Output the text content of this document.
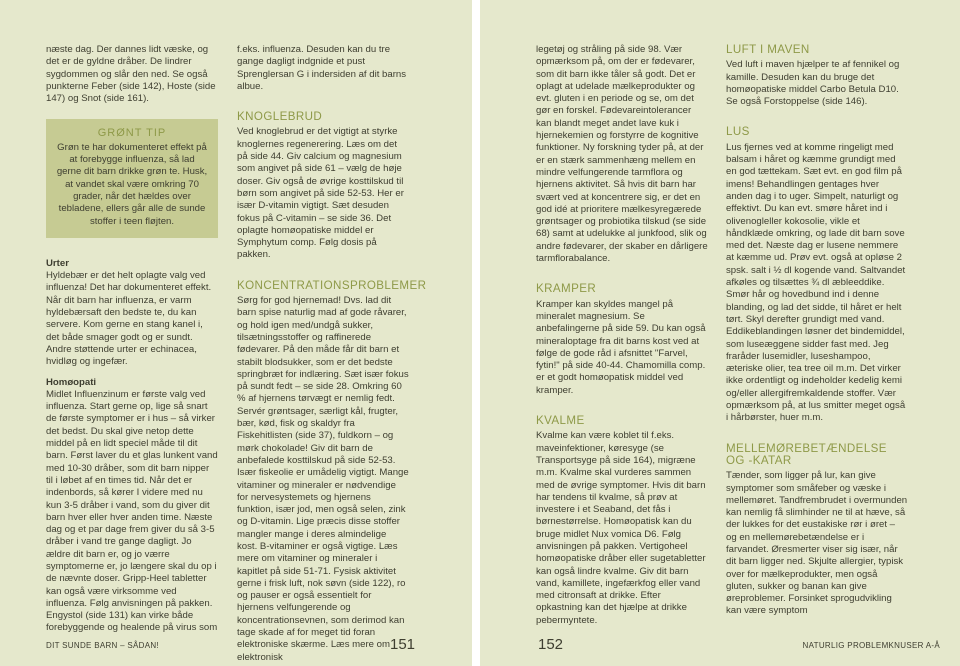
næste dag. Der dannes lidt væske, og det er de gyldne dråber. De lindrer sygdommen og slår den ned. Se også punkterne Feber (side 142), Hoste (side 147) og Snot (side 161).

GRØNT TIP
Grøn te har dokumenteret effekt på at forebygge influenza, så lad gerne dit barn drikke grøn te. Husk, at vandet skal være omkring 70 grader, når det hældes over tebladene, ellers går alle de sunde stoffer i teen fløjten.
Urter

Hyldebær er det helt oplagte valg ved influenza! Det har dokumenteret effekt. Når dit barn har influenza, er varm hyldebærsaft den bedste te, du kan servere. Kom gerne en stang kanel i, det både smager godt og er sundt. Andre støttende urter er echinacea, hvidløg og ingefær.

Homøopati

Midlet Influenzinum er første valg ved influenza. Start gerne op, lige så snart de første symptomer er i hus – så virker det bedst. Du skal give netop dette middel på en lidt speciel måde til dit barn. Først laver du et glas lunkent vand med 10-30 dråber, som dit barn nipper til i løbet af en times tid. Når det er indenbords, så kører I videre med nu kun 3-5 dråber i vand, som du giver dit barn hver eller hver anden time. Næste dag og et par dage frem giver du så 3-5 dråber i vand tre gange dagligt. Jo ældre dit barn er, og jo værre symptomerne er, jo længere skal du op i de nævnte doser. Gripp-Heel tabletter kan også være virksomme ved influenza. Følg anvisningen på pakken. Engystol (side 131) kan virke både forebyggende og healende på virus som

f.eks. influenza. Desuden kan du tre gange dagligt indgnide et pust Sprenglersan G i indersiden af dit barns albue.

KNOGLEBRUD

Ved knoglebrud er det vigtigt at styrke knoglernes regenerering. Læs om det på side 44. Giv calcium og magnesium som angivet på side 61 – vælg de høje doser. Giv også de øvrige kosttilskud til børn som angivet på side 52-53. Her er især D-vitamin vigtigt. Sæt desuden fokus på C-vitamin – se side 36. Det oplagte homøopatiske middel er Symphytum comp. Følg dosis på pakken.

KONCENTRATIONSPROBLEMER

Sørg for god hjernemad! Dvs. lad dit barn spise naturlig mad af gode råvarer, og hold igen med/undgå sukker, tilsætningsstoffer og raffinerede fødevarer. På den måde får dit barn et stabilt blodsukker, som er det bedste springbræt for indlæring. Sæt især fokus på sundt fedt – se side 28. Omkring 60 % af hjernens tørvægt er nemlig fedt. Servér grøntsager, særligt kål, frugter, bær, kød, fisk og skaldyr fra Fiskehitlisten (side 37), fuldkorn – og mørk chokolade! Giv dit barn de anbefalede kosttilskud på side 52-53. Især fiskeolie er umådelig vigtigt. Mange vitaminer og mineraler er nødvendige for nervesystemets og hjernens funktion, især jod, men også selen, zink og D-vitamin. Lige præcis disse stoffer mangler mange i deres almindelige kost. B-vitaminer er også vigtige. Læs mere om vitaminer og mineraler i kapitlet på side 51-71. Fysisk aktivitet gerne i frisk luft, nok søvn (side 122), ro og pauser er også essentielt for hjernens velfungerende og koncentrationsevnen, som derimod kan tage skade af for meget tid foran elektroniske skærme. Læs mere om elektronisk

DIT SUNDE BARN – SÅDAN!	151

legetøj og stråling på side 98. Vær opmærksom på, om der er fødevarer, som dit barn ikke tåler så godt. Det er oplagt at udelade mælkeprodukter og evt. gluten i en periode og se, om det gør en forskel. Fødevareintolerancer kan blandt meget andet lave kuk i hjernekemien og forstyrre de kognitive funktioner. Ny forskning tyder på, at der er en stærk sammenhæng mellem en mindre velfungerende tarmflora og hjernens aktivitet. Så hvis dit barn har svært ved at koncentrere sig, er det en god idé at prioritere mælkesyregærede grøntsager og probiotika tilskud (se side 68) samt at udelukke al junkfood, slik og andre fødevarer, der skaber en dårligere tarmflorabalance.

KRAMPER

Kramper kan skyldes mangel på mineralet magnesium. Se anbefalingerne på side 59. Du kan også mineraloptage fra dit barns kost ved at følge de gode råd i afsnittet "Farvel, fytin!" på side 40-44. Chamomilla comp. er et godt homøopatisk middel ved kramper.

KVALME

Kvalme kan være koblet til f.eks. maveinfektioner, køresyge (se Transportsyge på side 164), migræne m.m. Kvalme skal vurderes sammen med de øvrige symptomer. Hvis dit barn har tendens til kvalme, så prøv at investere i et Seaband, det fås i børnestørrelse. Homøopatisk kan du bruge midlet Nux vomica D6. Følg anvisningen på pakken. Vertigoheel homøopatiske dråber eller sugetabletter kan også lindre kvalme. Giv dit barn vand, kamillete, ingefærkfog eller vand med citronsaft at drikke. Efter opkastning kan det hjælpe at drikke pebermyntete.

LUFT I MAVEN

Ved luft i maven hjælper te af fennikel og kamille. Desuden kan du bruge det homøopatiske middel Carbo Betula D10. Se også Forstoppelse (side 146).

LUS

Lus fjernes ved at komme ringeligt med balsam i håret og kæmme grundigt med en god tættekam. Sæt evt. en god film på imens! Behandlingen gentages hver anden dag i to uger. Simpelt, naturligt og effektivt. Du kan evt. smøre håret ind i olivenogleller kokosolie, vikle et håndklæde omkring, og lade dit barn sove med det. Næste dag er lusene nemmere at kæmme ud. Prøv evt. også at opløse 2 spsk. salt i ½ dl kogende vand. Saltvandet afkøles og tilsættes ¾ dl æbleeddike. Smør hår og hovedbund ind i denne blanding, og lad det sidde, til håret er helt tørt. Skyl derefter grundigt med vand. Eddikeblandingen løsner det bindemiddel, som luseæggene sidder fast med. Jeg fraråder lusemidler, luseshampoo, æteriske olier, tea tree oil m.m. Det virker ikke ordentligt og indeholder kedelig kemi og/eller allergifremkaldende stoffer. Vær opmærksom på, at lus smitter meget også i hårbørster, huer m.m.

MELLEMØREBETÆNDELSE
OG -KATAR

Tænder, som ligger på lur, kan give symptomer som småfeber og væske i mellemøret. Tandfrembrudet i overmunden kan nemlig få slimhinder ne til at hæve, så der lukkes for det eustakiske rør i øret – og en mellemørebetændelse er i farvandet. Øresmerter viser sig især, når dit barn ligger ned. Skjulte allergier, typisk over for mælkeprodukter, men også gluten, sukker og banan kan give øreproblemer. Forsinket sprogudvikling kan være symptom

152	NATURLIG PROBLEMKNUSER A-Å
